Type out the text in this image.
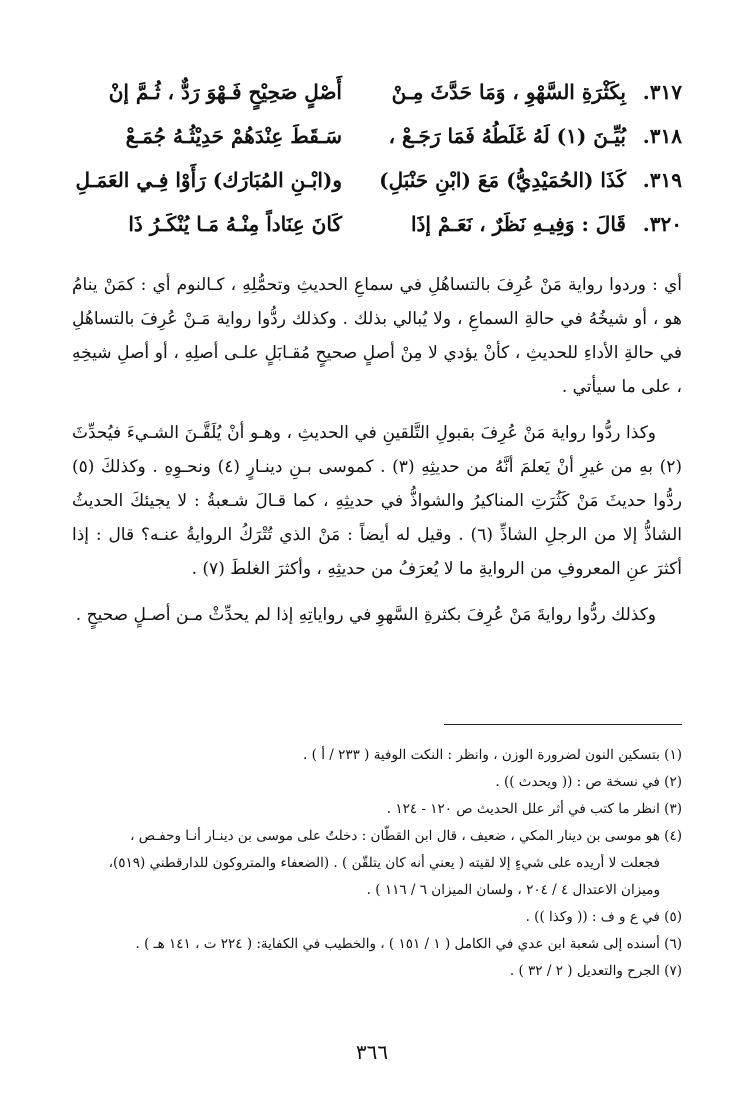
٣١٧.
بِكَثْرَةِ السَّهْوِ ، وَمَا حَدَّثَ مِـنْ
أَصْلٍ صَحِيْحٍ فَـهْوَ رَدٌّ ، ثُـمَّ إنْ
٣١٨.
بُيِّـنَ (١) لَهُ غَلَطُهُ فَمَا رَجَـعْ ،
سَـقَطَ عِنْدَهُمْ حَدِيْثُـهُ جُمَـعْ
٣١٩.
كَذَا (الحُمَيْدِيُّ) مَعَ (ابْنِ حَنْبَلِ)
و(ابْـنِ المُبَارَك) رَأَوْا فِـي العَمَـلِ
٣٢٠.
قَالَ : وَفِيـهِ نَظَرٌ ، نَعَـمْ إذَا
كَانَ عِنَاداً مِنْـهُ مَـا يُنْكَـرُ ذَا

أي : وردوا رواية مَنْ عُرِفَ بالتساهُلِ في سماعِ الحديثِ وتحمُّلِهِ ، كـالنوم أي : كمَنْ ينامُ هو ، أو شيخُهُ في حالةِ السماعِ ، ولا يُبالي بذلك . وكذلك ردُّوا رواية مَـنْ عُرِفَ بالتساهُلِ في حالةِ الأداءِ للحديثِ ، كأنْ يؤدي لا مِنْ أصلٍ صحيحٍ مُقـابَلٍ علـى أصلِهِ ، أو أصلِ شيخِهِ ، على ما سيأتي .

وكذا ردُّوا رواية مَنْ عُرِفَ بقبولِ التَّلقينِ في الحديثِ ، وهـو أنْ يُلَقَّـنَ الشـيءَ فيُحدِّثَ (٢) بهِ من غيرِ أنْ يَعلمَ أنَّهُ من حديثِهِ (٣) . كموسى بـنِ دينـارٍ (٤) ونحـوِهِ . وكذلكَ (٥) ردُّوا حديثَ مَنْ كَثُرَتِ المناكيرُ والشواذُّ في حديثِهِ ، كما قـالَ شـعبةُ : لا يجيئكَ الحديثُ الشاذُّ إلا من الرجلِ الشاذِّ (٦) . وقيل له أيضاً : مَنْ الذي تُتْرَكُ الروايةُ عنـه؟ قال : إذا أكثرَ عنِ المعروفِ من الروايةِ ما لا يُعرَفُ من حديثِهِ ، وأكثرَ الغلطَ (٧) .

وكذلك ردُّوا روايةَ مَنْ عُرِفَ بكثرةِ السَّهوِ في رواياتِهِ إذا لم يحدِّثْ مـن أصـلٍ صحيحٍ .

(١) بتسكين النون لضرورة الوزن ، وانظر : النكت الوفية ( ٢٣٣ / أ ) .
(٢) في نسخة ص : (( ويحدث )) .
(٣) انظر ما كتب في أثر علل الحديث ص ١٢٠ - ١٢٤ .
(٤) هو موسى بن دينار المكي ، ضعيف ، قال ابن القطّان : دخلتُ على موسى بن دينـار أنـا وحفـص ،
فجعلت لا أريده على شيءٍ إلا لقيته ( يعني أنه كان يتلقّن ) . (الضعفاء والمتروكون للدارقطني (٥١٩)،
وميزان الاعتدال ٤ / ٢٠٤ ، ولسان الميزان ٦ / ١١٦ ) .
(٥) في ع و ف : (( وكذا )) .
(٦) أسنده إلى شعبة ابن عدي في الكامل ( ١ / ١٥١ ) ، والخطيب في الكفاية: ( ٢٢٤ ت ، ١٤١ هـ ) .
(٧) الجرح والتعديل ( ٢ / ٣٢ ) .
٣٦٦
